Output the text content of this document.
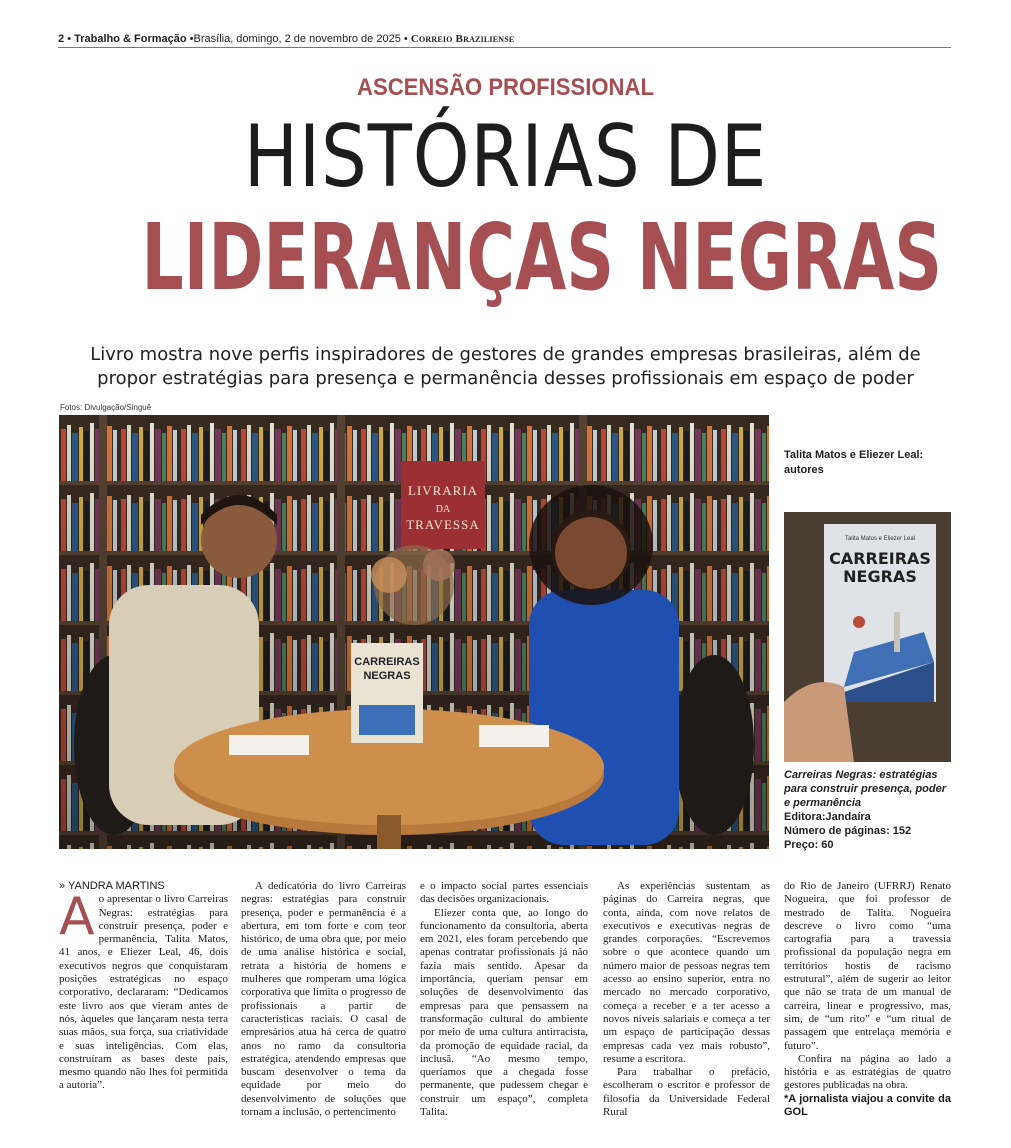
2 • Trabalho & Formação •Brasília, domingo, 2 de novembro de 2025 • Correio Braziliense
ASCENSÃO PROFISSIONAL
HISTÓRIAS DE
LIDERANÇAS NEGRAS
Livro mostra nove perfis inspiradores de gestores de grandes empresas brasileiras, além de propor estratégias para presença e permanência desses profissionais em espaço de poder
Fotos: Divulgação/Singuê
LIVRARIA
DA
TRAVESSA
CARREIRAS
NEGRAS
Talita Matos e Eliezer Leal: autores
Talita Matos e Eliezer Leal
CARREIRAS
NEGRAS
Carreiras Negras: estratégias para construir presença, poder e permanência
Editora:Jandaíra
Número de páginas: 152
Preço: 60

» YANDRA MARTINS

Ao apresentar o livro Carreiras Negras: estratégias para construir presença, poder e permanência, Talita Matos, 41 anos, e Eliezer Leal, 46, dois executivos negros que conquistaram posições estratégicas no espaço corporativo, declararam: “Dedicamos este livro aos que vieram antes de nós, àqueles que lançaram nesta terra suas mãos, sua força, sua criatividade e suas inteligências. Com elas, construíram as bases deste país, mesmo quando não lhes foi permitida a autoria”.

A dedicatória do livro Carreiras negras: estratégias para construir presença, poder e permanência é a abertura, em tom forte e com teor histórico, de uma obra que, por meio de uma análise histórica e social, retrata a história de homens e mulheres que romperam uma lógica corporativa que limita o progresso de profissionais a partir de características raciais. O casal de empresários atua há cerca de quatro anos no ramo da consultoria estratégica, atendendo empresas que buscam desenvolver o tema da equidade por meio do desenvolvimento de soluções que tornam a inclusão, o pertencimento

e o impacto social partes essenciais das decisões organizacionais.

Eliezer conta que, ao longo do funcionamento da consultoria, aberta em 2021, eles foram percebendo que apenas contratar profissionais já não fazia mais sentido. Apesar da importância, queriam pensar em soluções de desenvolvimento das empresas para que pensassem na transformação cultural do ambiente por meio de uma cultura antirracista, da promoção de equidade racial, da inclusã. “Ao mesmo tempo, queríamos que a chegada fosse permanente, que pudessem chegar e construir um espaço”, completa Talita.

As experiências sustentam as páginas do Carreira negras, que conta, ainda, com nove relatos de executivos e executivas negras de grandes corporações. “Escrevemos sobre o que acontece quando um número maior de pessoas negras tem acesso ao ensino superior, entra no mercado no mercado corporativo, começa a receber e a ter acesso a novos níveis salariais e começa a ter um espaço de participação dessas empresas cada vez mais robusto”, resume a escritora.

Para trabalhar o prefácio, escolheram o escritor e professor de filosofia da Universidade Federal Rural

do Rio de Janeiro (UFRRJ) Renato Nogueira, que foi professor de mestrado de Talita. Nogueira descreve o livro como “uma cartografia para a travessia profissional da população negra em territórios hostis de racismo estrutural”, além de sugerir ao leitor que não se trata de um manual de carreira, linear e progressivo, mas, sim, de “um rito” e “um ritual de passagem que entrelaça memória e futuro”.

Confira na página ao lado a história e as estratégias de quatro gestores publicadas na obra.

*A jornalista viajou a convite da GOL
